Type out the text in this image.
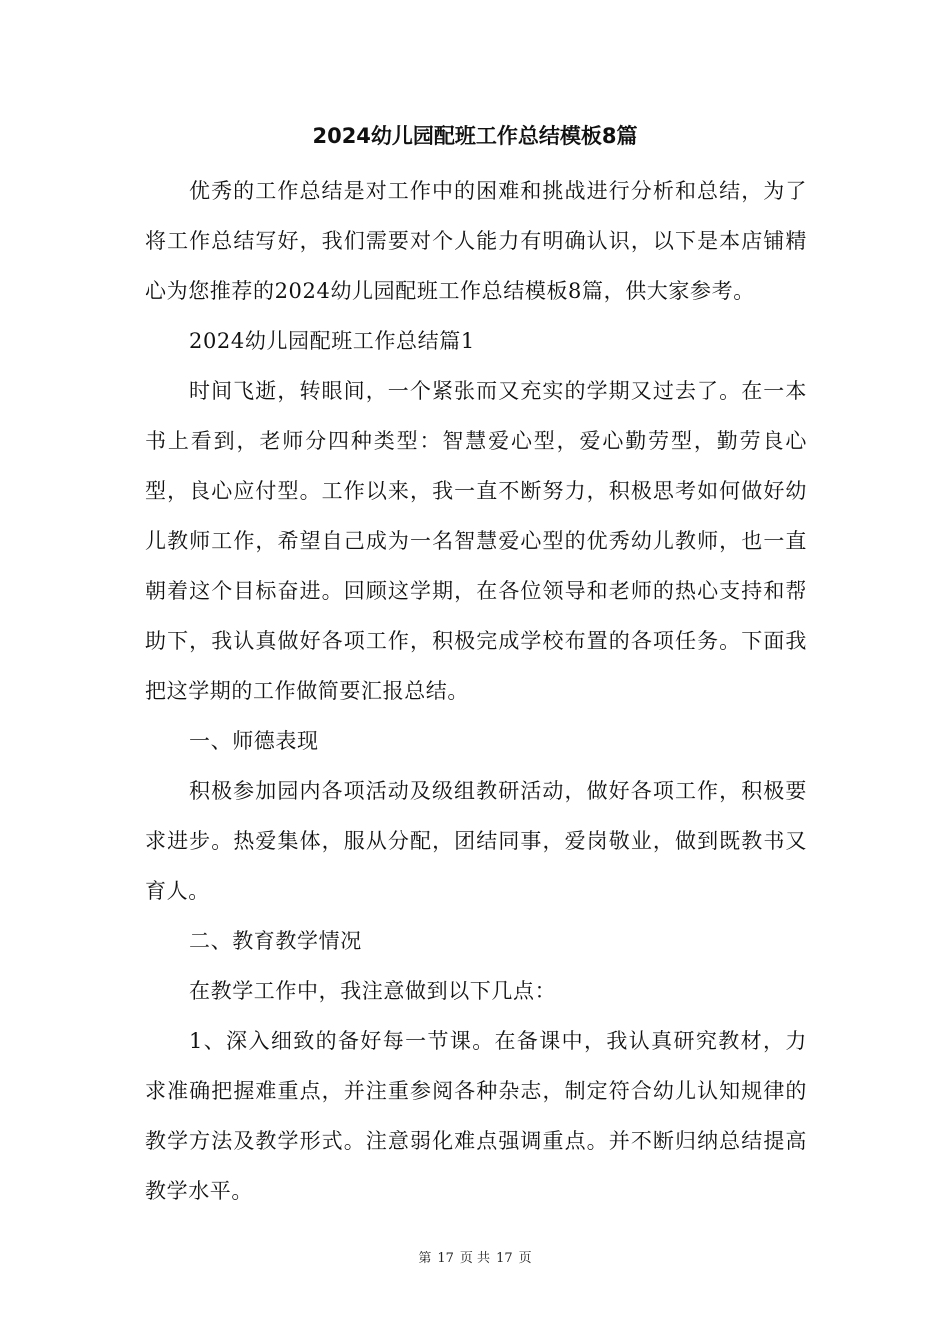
2024幼儿园配班工作总结模板8篇

优秀的工作总结是对工作中的困难和挑战进行分析和总结，为了将工作总结写好，我们需要对个人能力有明确认识，以下是本店铺精心为您推荐的2024幼儿园配班工作总结模板8篇，供大家参考。

2024幼儿园配班工作总结篇1

时间飞逝，转眼间，一个紧张而又充实的学期又过去了。在一本书上看到，老师分四种类型：智慧爱心型，爱心勤劳型，勤劳良心型，良心应付型。工作以来，我一直不断努力，积极思考如何做好幼儿教师工作，希望自己成为一名智慧爱心型的优秀幼儿教师，也一直朝着这个目标奋进。回顾这学期，在各位领导和老师的热心支持和帮助下，我认真做好各项工作，积极完成学校布置的各项任务。下面我把这学期的工作做简要汇报总结。

一、师德表现

积极参加园内各项活动及级组教研活动，做好各项工作，积极要求进步。热爱集体，服从分配，团结同事，爱岗敬业，做到既教书又育人。

二、教育教学情况

在教学工作中，我注意做到以下几点：

1、深入细致的备好每一节课。在备课中，我认真研究教材，力求准确把握难重点，并注重参阅各种杂志，制定符合幼儿认知规律的教学方法及教学形式。注意弱化难点强调重点。并不断归纳总结提高教学水平。

第 17 页 共 17 页
